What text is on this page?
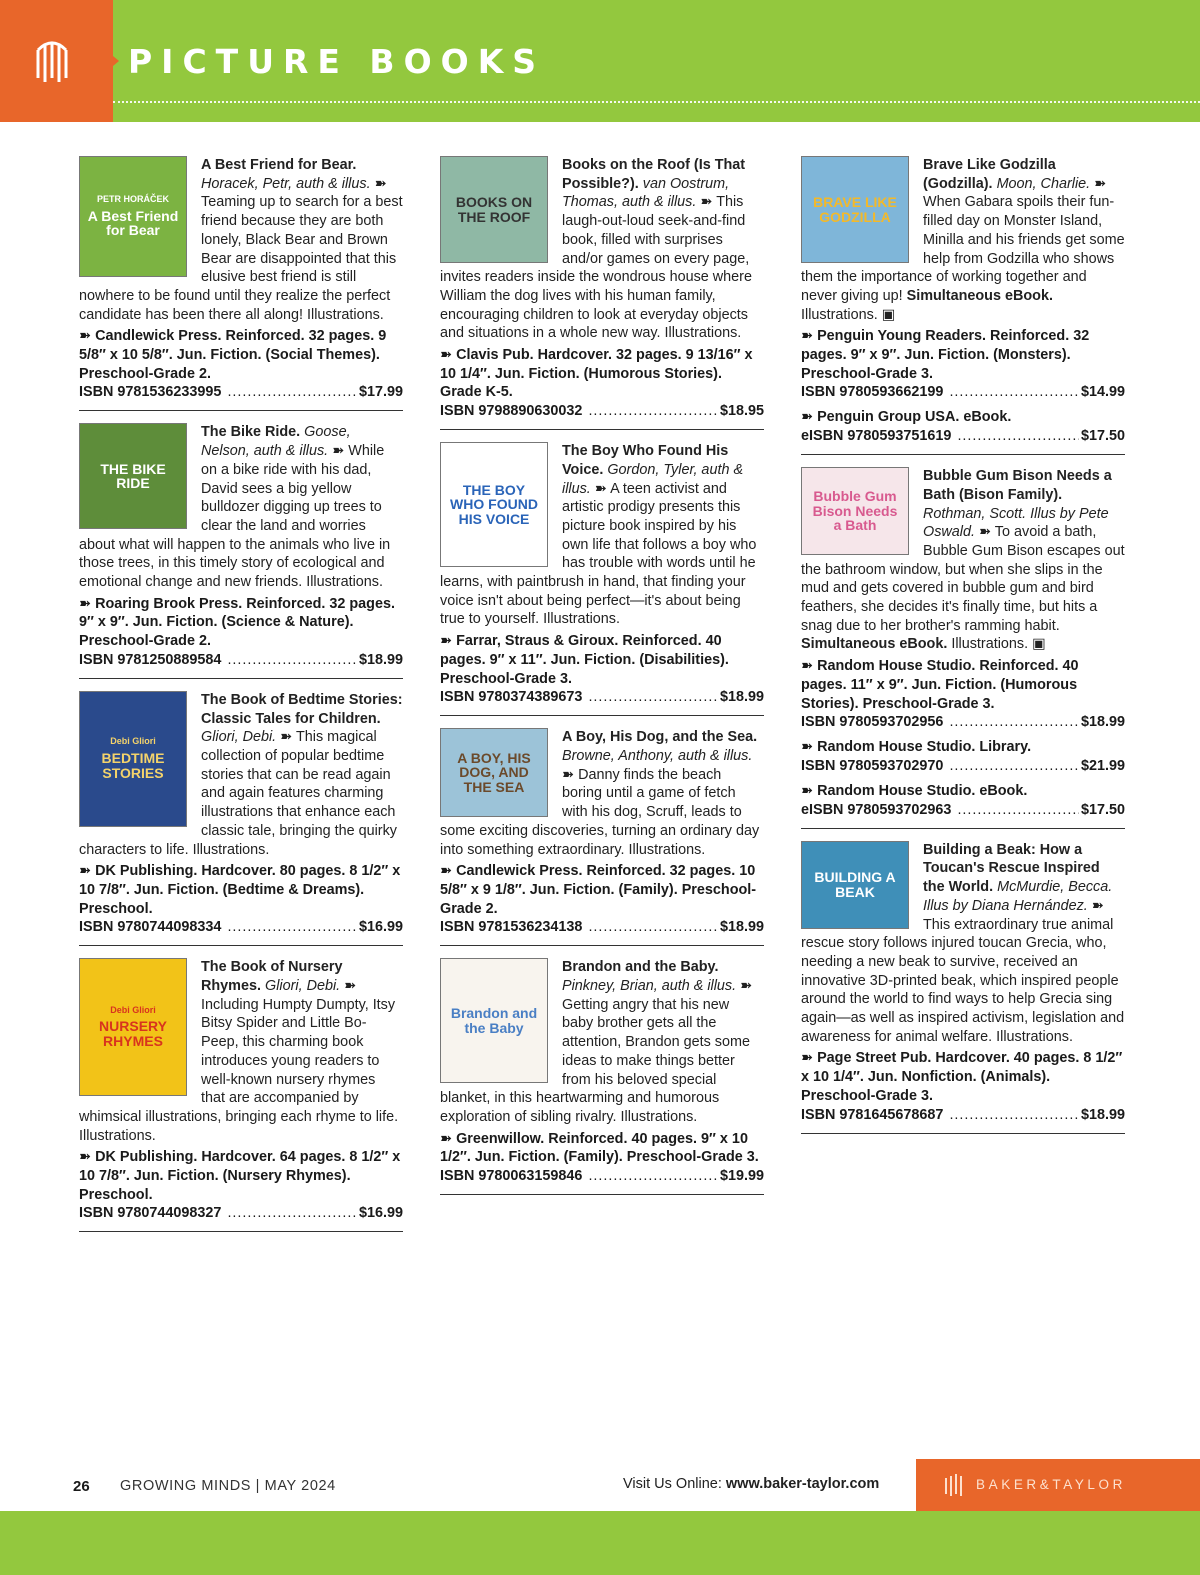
PICTURE BOOKS
PETR HORÁČEK
A Best Friend for Bear
A Best Friend for Bear. Horacek, Petr, auth & illus. ➽ Teaming up to search for a best friend because they are both lonely, Black Bear and Brown Bear are disappointed that this elusive best friend is still nowhere to be found until they realize the perfect candidate has been there all along! Illustrations.
➽ Candlewick Press. Reinforced. 32 pages. 9 5/8″ x 10 5/8″. Jun. Fiction. (Social Themes). Preschool-Grade 2.
ISBN 9781536233995 .....	$17.99
THE BIKE RIDE
The Bike Ride. Goose, Nelson, auth & illus. ➽ While on a bike ride with his dad, David sees a big yellow bulldozer digging up trees to clear the land and worries about what will happen to the animals who live in those trees, in this timely story of ecological and emotional change and new friends. Illustrations.
➽ Roaring Brook Press. Reinforced. 32 pages. 9″ x 9″. Jun. Fiction. (Science & Nature). Preschool-Grade 2.
ISBN 9781250889584 .....	$18.99
Debi Gliori
BEDTIME STORIES
The Book of Bedtime Stories: Classic Tales for Children. Gliori, Debi. ➽ This magical collection of popular bedtime stories that can be read again and again features charming illustrations that enhance each classic tale, bringing the quirky characters to life. Illustrations.
➽ DK Publishing. Hardcover. 80 pages. 8 1/2″ x 10 7/8″. Jun. Fiction. (Bedtime & Dreams). Preschool.
ISBN 9780744098334 .....	$16.99
Debi Gliori
NURSERY RHYMES
The Book of Nursery Rhymes. Gliori, Debi. ➽ Including Humpty Dumpty, Itsy Bitsy Spider and Little Bo-Peep, this charming book introduces young readers to well-known nursery rhymes that are accompanied by whimsical illustrations, bringing each rhyme to life. Illustrations.
➽ DK Publishing. Hardcover. 64 pages. 8 1/2″ x 10 7/8″. Jun. Fiction. (Nursery Rhymes). Preschool.
ISBN 9780744098327 .....	$16.99
BOOKS ON THE ROOF
Books on the Roof (Is That Possible?). van Oostrum, Thomas, auth & illus. ➽ This laugh-out-loud seek-and-find book, filled with surprises and/or games on every page, invites readers inside the wondrous house where William the dog lives with his human family, encouraging children to look at everyday objects and situations in a whole new way. Illustrations.
➽ Clavis Pub. Hardcover. 32 pages. 9 13/16″ x 10 1/4″. Jun. Fiction. (Humorous Stories). Grade K-5.
ISBN 9798890630032 .....	$18.95
THE BOY WHO FOUND HIS VOICE
The Boy Who Found His Voice. Gordon, Tyler, auth & illus. ➽ A teen activist and artistic prodigy presents this picture book inspired by his own life that follows a boy who has trouble with words until he learns, with paintbrush in hand, that finding your voice isn't about being perfect—it's about being true to yourself. Illustrations.
➽ Farrar, Straus & Giroux. Reinforced. 40 pages. 9″ x 11″. Jun. Fiction. (Disabilities). Preschool-Grade 3.
ISBN 9780374389673 .....	$18.99
A BOY, HIS DOG, AND THE SEA
A Boy, His Dog, and the Sea. Browne, Anthony, auth & illus. ➽ Danny finds the beach boring until a game of fetch with his dog, Scruff, leads to some exciting discoveries, turning an ordinary day into something extraordinary. Illustrations.
➽ Candlewick Press. Reinforced. 32 pages. 10 5/8″ x 9 1/8″. Jun. Fiction. (Family). Preschool-Grade 2.
ISBN 9781536234138 .....	$18.99
Brandon and the Baby
Brandon and the Baby. Pinkney, Brian, auth & illus. ➽ Getting angry that his new baby brother gets all the attention, Brandon gets some ideas to make things better from his beloved special blanket, in this heartwarming and humorous exploration of sibling rivalry. Illustrations.
➽ Greenwillow. Reinforced. 40 pages. 9″ x 10 1/2″. Jun. Fiction. (Family). Preschool-Grade 3.
ISBN 9780063159846 .....	$19.99
BRAVE LIKE GODZILLA
Brave Like Godzilla (Godzilla). Moon, Charlie. ➽ When Gabara spoils their fun-filled day on Monster Island, Minilla and his friends get some help from Godzilla who shows them the importance of working together and never giving up! Simultaneous eBook. Illustrations. ▣
➽ Penguin Young Readers. Reinforced. 32 pages. 9″ x 9″. Jun. Fiction. (Monsters). Preschool-Grade 3.
ISBN 9780593662199 .....	$14.99
➽ Penguin Group USA. eBook.
eISBN 9780593751619 .....	$17.50
Bubble Gum Bison Needs a Bath
Bubble Gum Bison Needs a Bath (Bison Family). Rothman, Scott. Illus by Pete Oswald. ➽ To avoid a bath, Bubble Gum Bison escapes out the bathroom window, but when she slips in the mud and gets covered in bubble gum and bird feathers, she decides it's finally time, but hits a snag due to her brother's ramming habit. Simultaneous eBook. Illustrations. ▣
➽ Random House Studio. Reinforced. 40 pages. 11″ x 9″. Jun. Fiction. (Humorous Stories). Preschool-Grade 3.
ISBN 9780593702956 .....	$18.99
➽ Random House Studio. Library.
ISBN 9780593702970 .....	$21.99
➽ Random House Studio. eBook.
eISBN 9780593702963 .....	$17.50
BUILDING A BEAK
Building a Beak: How a Toucan's Rescue Inspired the World. McMurdie, Becca. Illus by Diana Hernández. ➽ This extraordinary true animal rescue story follows injured toucan Grecia, who, needing a new beak to survive, received an innovative 3D-printed beak, which inspired people around the world to find ways to help Grecia sing again—as well as inspired activism, legislation and awareness for animal welfare. Illustrations.
➽ Page Street Pub. Hardcover. 40 pages. 8 1/2″ x 10 1/4″. Jun. Nonfiction. (Animals). Preschool-Grade 3.
ISBN 9781645678687 .....	$18.99
26 GROWING MINDS | MAY 2024	Visit Us Online: www.baker-taylor.com	BAKER&TAYLOR
